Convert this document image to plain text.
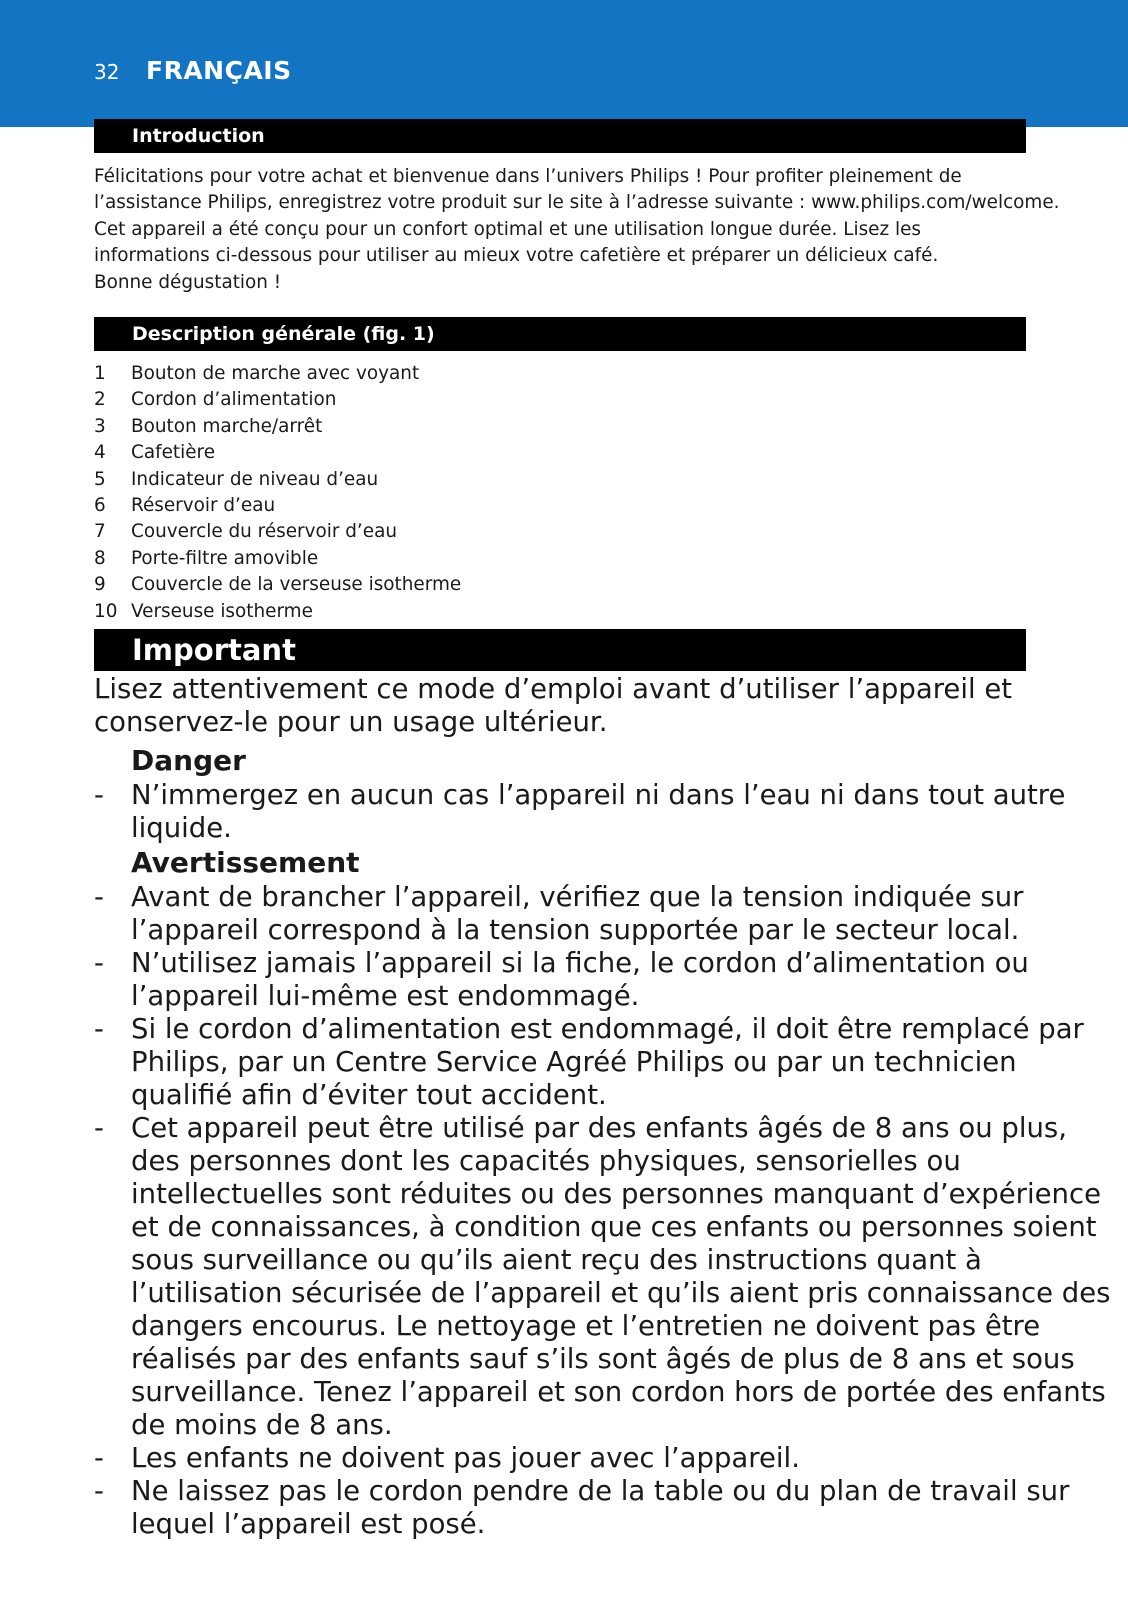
32 FRANÇAIS
Introduction
Félicitations pour votre achat et bienvenue dans l’univers Philips ! Pour profiter pleinement de
l’assistance Philips, enregistrez votre produit sur le site à l’adresse suivante : www.philips.com/welcome.
Cet appareil a été conçu pour un confort optimal et une utilisation longue durée. Lisez les
informations ci-dessous pour utiliser au mieux votre cafetière et préparer un délicieux café.
Bonne dégustation !
Description générale (fig. 1)
1	Bouton de marche avec voyant
2	Cordon d’alimentation
3	Bouton marche/arrêt
4	Cafetière
5	Indicateur de niveau d’eau
6	Réservoir d’eau
7	Couvercle du réservoir d’eau
8	Porte-filtre amovible
9	Couvercle de la verseuse isotherme
10 Verseuse isotherme
Important
Lisez attentivement ce mode d’emploi avant d’utiliser l’appareil et
conservez-le pour un usage ultérieur.
Danger
- N’immergez en aucun cas l’appareil ni dans l’eau ni dans tout autre
liquide.
Avertissement
- Avant de brancher l’appareil, vérifiez que la tension indiquée sur
l’appareil correspond à la tension supportée par le secteur local.
- N’utilisez jamais l’appareil si la fiche, le cordon d’alimentation ou
l’appareil lui-même est endommagé.
- Si le cordon d’alimentation est endommagé, il doit être remplacé par
Philips, par un Centre Service Agréé Philips ou par un technicien
qualifié afin d’éviter tout accident.
- Cet appareil peut être utilisé par des enfants âgés de 8 ans ou plus,
des personnes dont les capacités physiques, sensorielles ou
intellectuelles sont réduites ou des personnes manquant d’expérience
et de connaissances, à condition que ces enfants ou personnes soient
sous surveillance ou qu’ils aient reçu des instructions quant à
l’utilisation sécurisée de l’appareil et qu’ils aient pris connaissance des
dangers encourus. Le nettoyage et l’entretien ne doivent pas être
réalisés par des enfants sauf s’ils sont âgés de plus de 8 ans et sous
surveillance. Tenez l’appareil et son cordon hors de portée des enfants
de moins de 8 ans.
- Les enfants ne doivent pas jouer avec l’appareil.
- Ne laissez pas le cordon pendre de la table ou du plan de travail sur
lequel l’appareil est posé.
